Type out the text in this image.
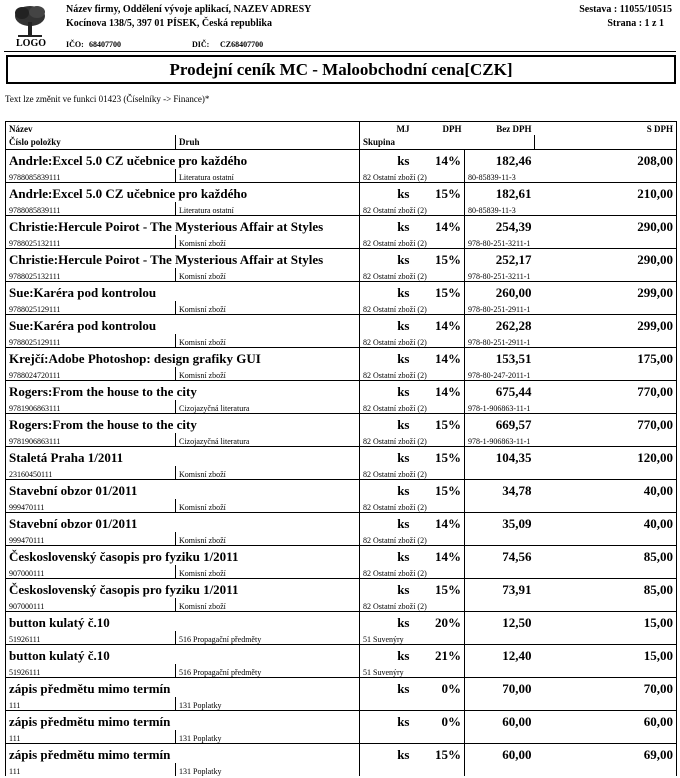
LOGO
Název firmy, Oddělení vývoje aplikací, NAZEV ADRESY
Kocínova 138/5, 397 01 PÍSEK, Česká republika
IČO: 68407700	DIČ: CZ68407700
Sestava : 11055/10515
Strana : 1 z 1
Prodejní ceník MC - Maloobchodní cena[CZK]
Text lze změnit ve funkci 01423 (Číselníky -> Finance)*
Název		MJ	DPH	Bez DPH	S DPH
Číslo položky	Druh	Skupina			
Andrle:Excel 5.0 CZ učebnice pro každého		ks	14%	182,46	208,00
9788085839111	Literatura ostatní	82 Ostatní zboží (2)		80-85839-11-3	
Andrle:Excel 5.0 CZ učebnice pro každého		ks	15%	182,61	210,00
9788085839111	Literatura ostatní	82 Ostatní zboží (2)		80-85839-11-3	
Christie:Hercule Poirot - The Mysterious Affair at Styles		ks	14%	254,39	290,00
9788025132111	Komisní zboží	82 Ostatní zboží (2)		978-80-251-3211-1	
Christie:Hercule Poirot - The Mysterious Affair at Styles		ks	15%	252,17	290,00
9788025132111	Komisní zboží	82 Ostatní zboží (2)		978-80-251-3211-1	
Sue:Karéra pod kontrolou		ks	15%	260,00	299,00
9788025129111	Komisní zboží	82 Ostatní zboží (2)		978-80-251-2911-1	
Sue:Karéra pod kontrolou		ks	14%	262,28	299,00
9788025129111	Komisní zboží	82 Ostatní zboží (2)		978-80-251-2911-1	
Krejčí:Adobe Photoshop: design grafiky GUI		ks	14%	153,51	175,00
9788024720111	Komisní zboží	82 Ostatní zboží (2)		978-80-247-2011-1	
Rogers:From the house to the city		ks	14%	675,44	770,00
9781906863111	Cizojazyčná literatura	82 Ostatní zboží (2)		978-1-906863-11-1	
Rogers:From the house to the city		ks	15%	669,57	770,00
9781906863111	Cizojazyčná literatura	82 Ostatní zboží (2)		978-1-906863-11-1	
Staletá Praha 1/2011		ks	15%	104,35	120,00
23160450111	Komisní zboží	82 Ostatní zboží (2)			
Stavební obzor 01/2011		ks	15%	34,78	40,00
999470111	Komisní zboží	82 Ostatní zboží (2)			
Stavební obzor 01/2011		ks	14%	35,09	40,00
999470111	Komisní zboží	82 Ostatní zboží (2)			
Československý časopis pro fyziku 1/2011		ks	14%	74,56	85,00
907000111	Komisní zboží	82 Ostatní zboží (2)			
Československý časopis pro fyziku 1/2011		ks	15%	73,91	85,00
907000111	Komisní zboží	82 Ostatní zboží (2)			
button kulatý č.10		ks	20%	12,50	15,00
51926111	516 Propagační předměty	51 Suvenýry			
button kulatý č.10		ks	21%	12,40	15,00
51926111	516 Propagační předměty	51 Suvenýry			
zápis předmětu mimo termín		ks	0%	70,00	70,00
111	131 Poplatky				
zápis předmětu mimo termín		ks	0%	60,00	60,00
111	131 Poplatky				
zápis předmětu mimo termín		ks	15%	60,00	69,00
111	131 Poplatky				
